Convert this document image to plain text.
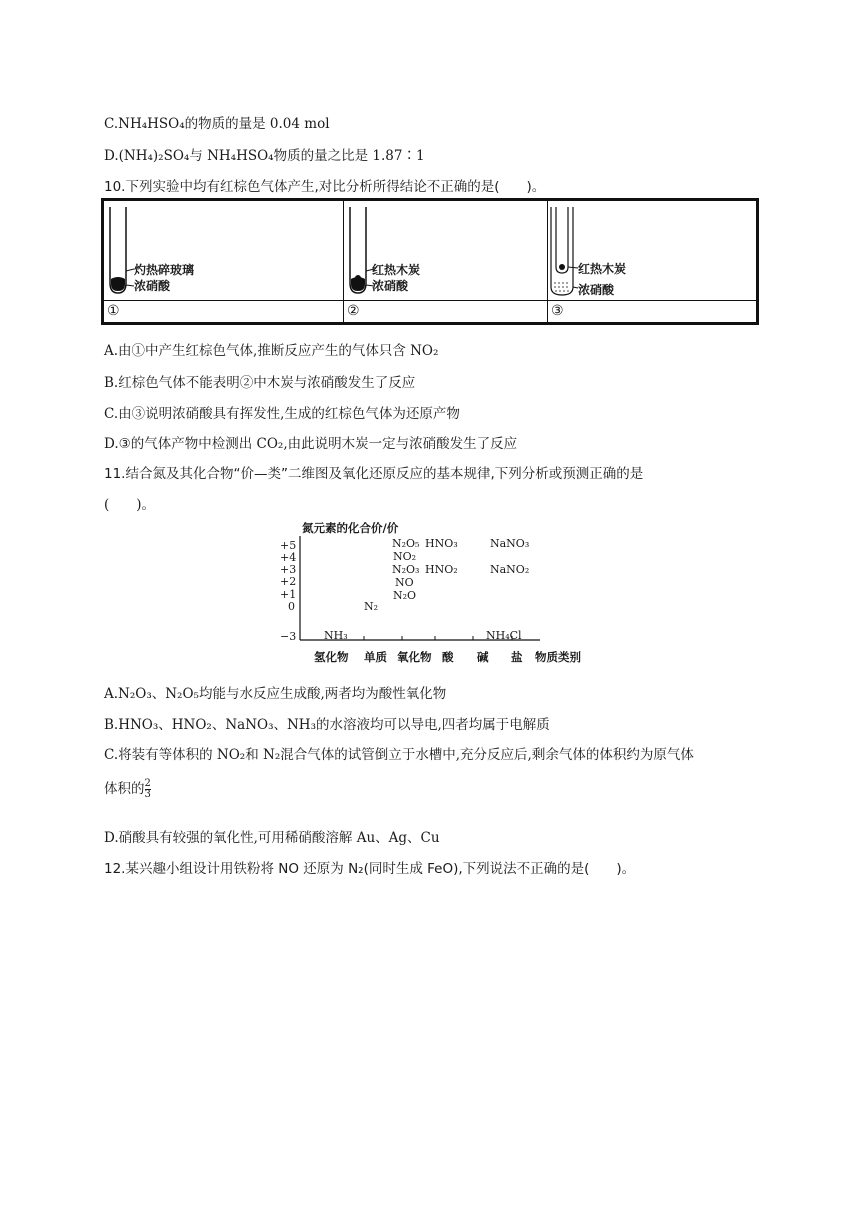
C.NH₄HSO₄的物质的量是 0.04 mol
D.(NH₄)₂SO₄与 NH₄HSO₄物质的量之比是 1.87∶1
10.下列实验中均有红棕色气体产生,对比分析所得结论不正确的是(　　)。
灼热碎玻璃
浓硝酸
①
红热木炭
浓硝酸
②
红热木炭
浓硝酸
③
A.由①中产生红棕色气体,推断反应产生的气体只含 NO₂
B.红棕色气体不能表明②中木炭与浓硝酸发生了反应
C.由③说明浓硝酸具有挥发性,生成的红棕色气体为还原产物
D.③的气体产物中检测出 CO₂,由此说明木炭一定与浓硝酸发生了反应
11.结合氮及其化合物“价—类”二维图及氧化还原反应的基本规律,下列分析或预测正确的是
(　　)。
氮元素的化合价/价
+5
+4
+3
+2
+1
0
−3
N₂O₅ HNO₃	NaNO₃
NO₂
N₂O₃ HNO₂	NaNO₂
NO
N₂O
N₂
NH₃	NH₄Cl
氢化物 单质 氧化物 酸 碱 盐 物质类别
A.N₂O₃、N₂O₅均能与水反应生成酸,两者均为酸性氧化物
B.HNO₃、HNO₂、NaNO₃、NH₃的水溶液均可以导电,四者均属于电解质
C.将装有等体积的 NO₂和 N₂混合气体的试管倒立于水槽中,充分反应后,剩余气体的体积约为原气体
体积的 $\frac{2}{3}$
D.硝酸具有较强的氧化性,可用稀硝酸溶解 Au、Ag、Cu
12.某兴趣小组设计用铁粉将 NO 还原为 N₂(同时生成 FeO),下列说法不正确的是(　　)。
